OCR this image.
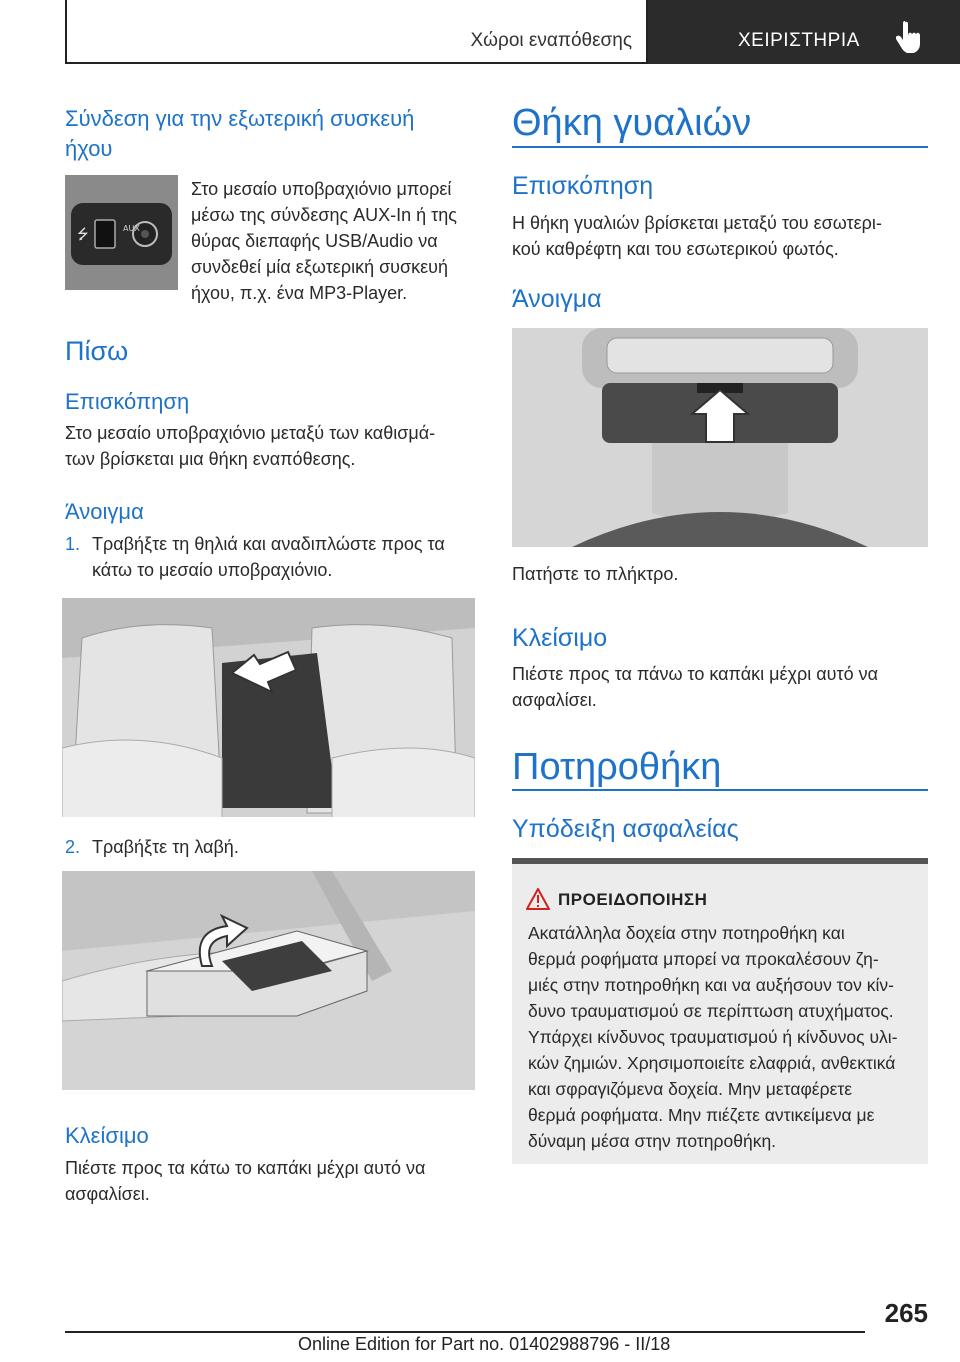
Χώροι εναπόθεσης	ΧΕΙΡΙΣΤΗΡΙΑ
Σύνδεση για την εξωτερική συσκευή
ήχου
⭍	AUX
Στο μεσαίο υποβραχιόνιο μπορεί
μέσω της σύνδεσης AUX-In ή της
θύρας διεπαφής USB/Audio να
συνδεθεί μία εξωτερική συσκευή
ήχου, π.χ. ένα MP3-Player.
Πίσω
Επισκόπηση
Στο μεσαίο υποβραχιόνιο μεταξύ των καθισμά-
των βρίσκεται μια θήκη εναπόθεσης.
Άνοιγμα
1. Τραβήξτε τη θηλιά και αναδιπλώστε προς τα
κάτω το μεσαίο υποβραχιόνιο.
2. Τραβήξτε τη λαβή.
Κλείσιμο
Πιέστε προς τα κάτω το καπάκι μέχρι αυτό να
ασφαλίσει.
Θήκη γυαλιών
Επισκόπηση
Η θήκη γυαλιών βρίσκεται μεταξύ του εσωτερι-
κού καθρέφτη και του εσωτερικού φωτός.
Άνοιγμα
Πατήστε το πλήκτρο.
Κλείσιμο
Πιέστε προς τα πάνω το καπάκι μέχρι αυτό να
ασφαλίσει.
Ποτηροθήκη
Υπόδειξη ασφαλείας
ΠΡΟΕΙΔΟΠΟΙΗΣΗ
Ακατάλληλα δοχεία στην ποτηροθήκη και
θερμά ροφήματα μπορεί να προκαλέσουν ζη-
μιές στην ποτηροθήκη και να αυξήσουν τον κίν-
δυνο τραυματισμού σε περίπτωση ατυχήματος.
Υπάρχει κίνδυνος τραυματισμού ή κίνδυνος υλι-
κών ζημιών. Χρησιμοποιείτε ελαφριά, ανθεκτικά
και σφραγιζόμενα δοχεία. Μην μεταφέρετε
θερμά ροφήματα. Μην πιέζετε αντικείμενα με
δύναμη μέσα στην ποτηροθήκη.
265
Online Edition for Part no. 01402988796 - II/18
